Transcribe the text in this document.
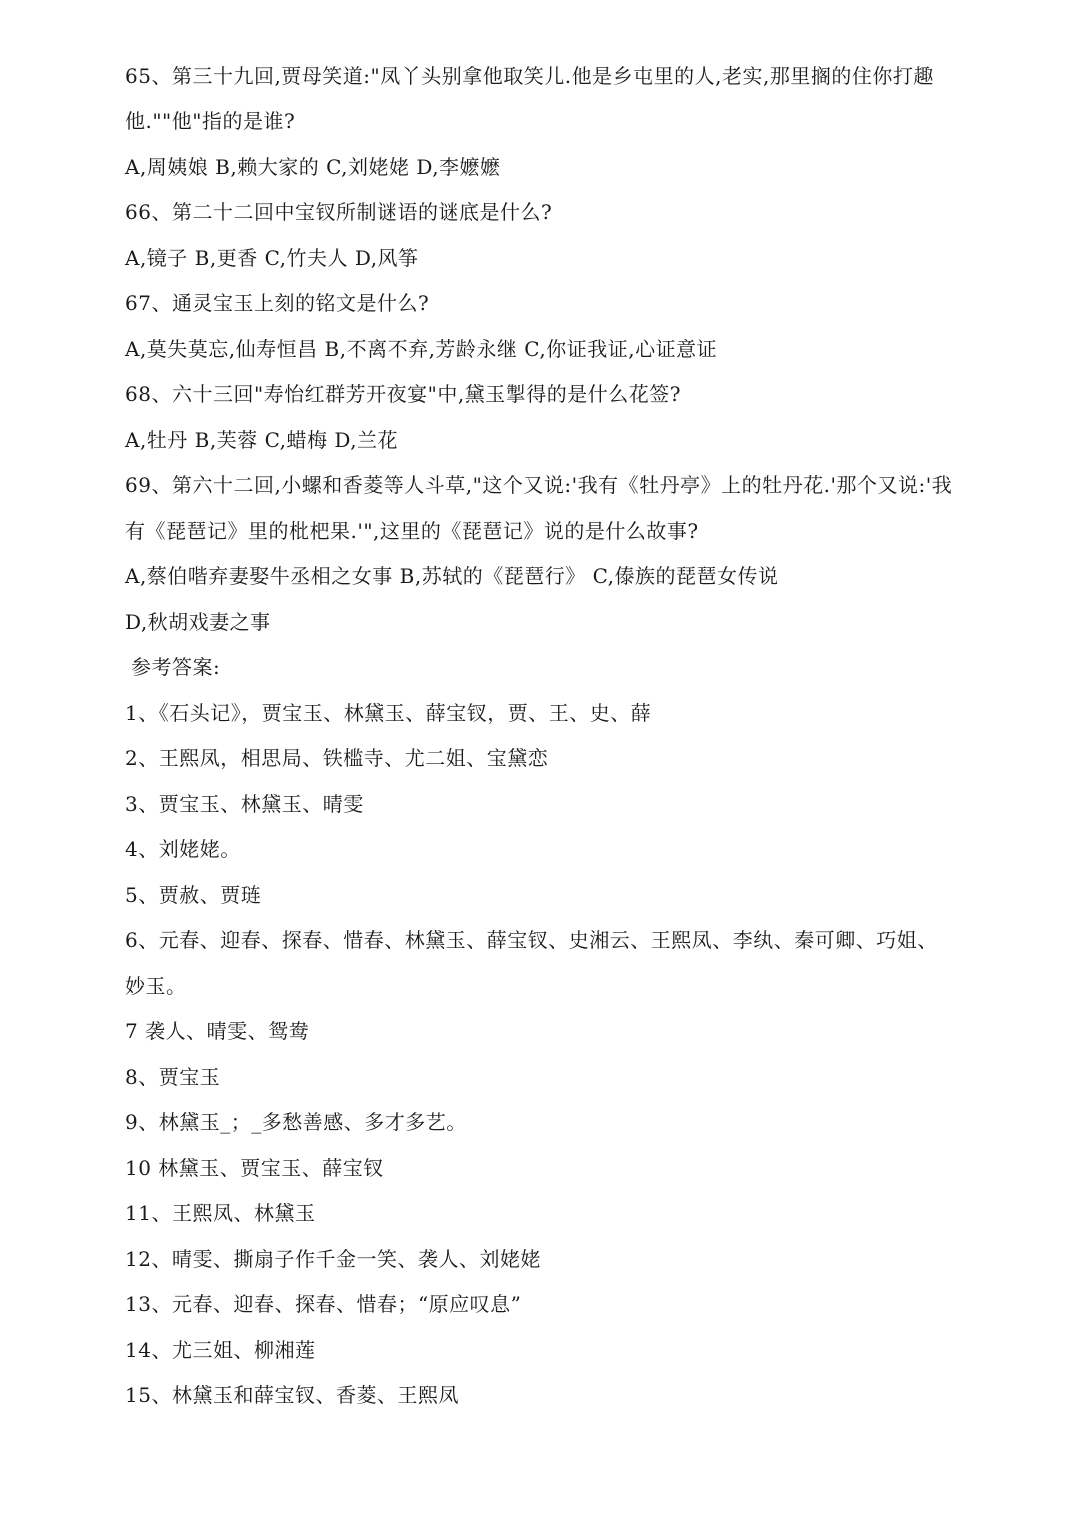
65、第三十九回,贾母笑道:"凤丫头别拿他取笑儿.他是乡屯里的人,老实,那里搁的住你打趣
他.""他"指的是谁?
A,周姨娘 B,赖大家的 C,刘姥姥 D,李嬷嬷
66、第二十二回中宝钗所制谜语的谜底是什么?
A,镜子 B,更香 C,竹夫人 D,风筝
67、通灵宝玉上刻的铭文是什么?
A,莫失莫忘,仙寿恒昌 B,不离不弃,芳龄永继 C,你证我证,心证意证
68、六十三回"寿怡红群芳开夜宴"中,黛玉掣得的是什么花签?
A,牡丹 B,芙蓉 C,蜡梅 D,兰花
69、第六十二回,小螺和香菱等人斗草,"这个又说:'我有《牡丹亭》上的牡丹花.'那个又说:'我
有《琵琶记》里的枇杷果.'",这里的《琵琶记》说的是什么故事?
A,蔡伯喈弃妻娶牛丞相之女事 B,苏轼的《琵琶行》 C,傣族的琵琶女传说
D,秋胡戏妻之事
参考答案:
1、《石头记》，贾宝玉、林黛玉、薛宝钗，贾、王、史、薛
2、王熙凤，相思局、铁槛寺、尤二姐、宝黛恋
3、贾宝玉、林黛玉、晴雯
4、刘姥姥。
5、贾赦、贾琏
6、元春、迎春、探春、惜春、林黛玉、薛宝钗、史湘云、王熙凤、李纨、秦可卿、巧姐、
妙玉。
7 袭人、晴雯、鸳鸯
8、贾宝玉
9、林黛玉_；_多愁善感、多才多艺。
10 林黛玉、贾宝玉、薛宝钗
11、王熙凤、林黛玉
12、晴雯、撕扇子作千金一笑、袭人、刘姥姥
13、元春、迎春、探春、惜春；“原应叹息”
14、尤三姐、柳湘莲
15、林黛玉和薛宝钗、香菱、王熙凤
